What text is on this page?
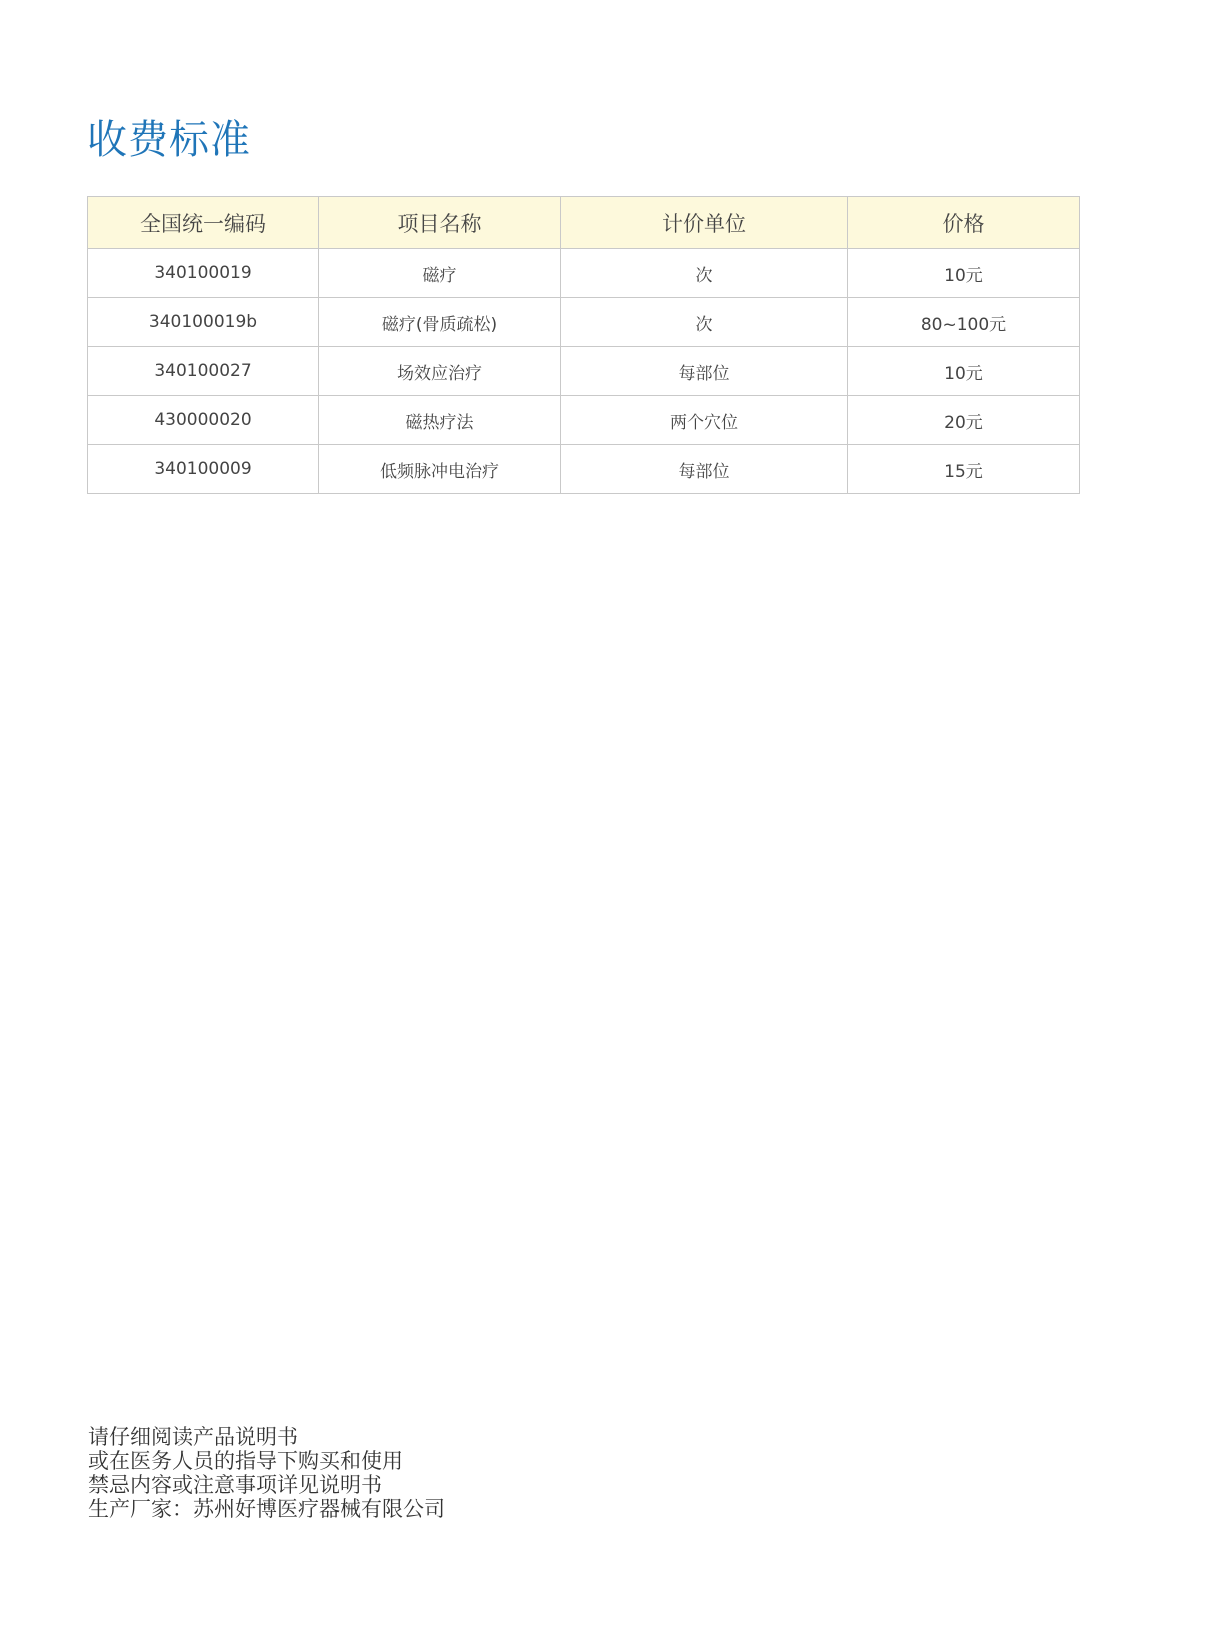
收费标准
全国统一编码	项目名称	计价单位	价格
340100019	磁疗	次	10元
340100019b	磁疗(骨质疏松)	次	80~100元
340100027	场效应治疗	每部位	10元
430000020	磁热疗法	两个穴位	20元
340100009	低频脉冲电治疗	每部位	15元
请仔细阅读产品说明书
或在医务人员的指导下购买和使用
禁忌内容或注意事项详见说明书
生产厂家：苏州好博医疗器械有限公司
